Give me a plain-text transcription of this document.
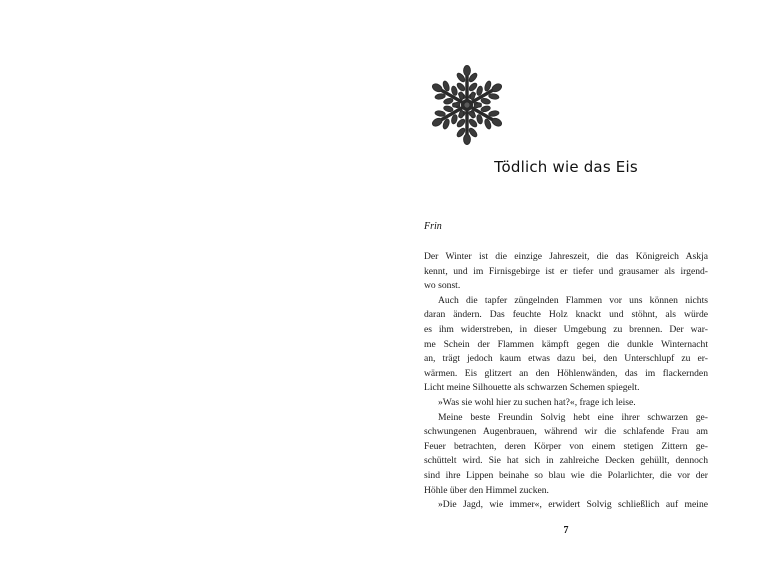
Tödlich wie das Eis
Frin
Der Winter ist die einzige Jahreszeit, die das Königreich Askja
kennt, und im Firnisgebirge ist er tiefer und grausamer als irgend-
wo sonst.
Auch die tapfer züngelnden Flammen vor uns können nichts
daran ändern. Das feuchte Holz knackt und stöhnt, als würde
es ihm widerstreben, in dieser Umgebung zu brennen. Der war-
me Schein der Flammen kämpft gegen die dunkle Winternacht
an, trägt jedoch kaum etwas dazu bei, den Unterschlupf zu er-
wärmen. Eis glitzert an den Höhlenwänden, das im flackernden
Licht meine Silhouette als schwarzen Schemen spiegelt.
»Was sie wohl hier zu suchen hat?«, frage ich leise.
Meine beste Freundin Solvig hebt eine ihrer schwarzen ge-
schwungenen Augenbrauen, während wir die schlafende Frau am
Feuer betrachten, deren Körper von einem stetigen Zittern ge-
schüttelt wird. Sie hat sich in zahlreiche Decken gehüllt, dennoch
sind ihre Lippen beinahe so blau wie die Polarlichter, die vor der
Höhle über den Himmel zucken.
»Die Jagd, wie immer«, erwidert Solvig schließlich auf meine
7
